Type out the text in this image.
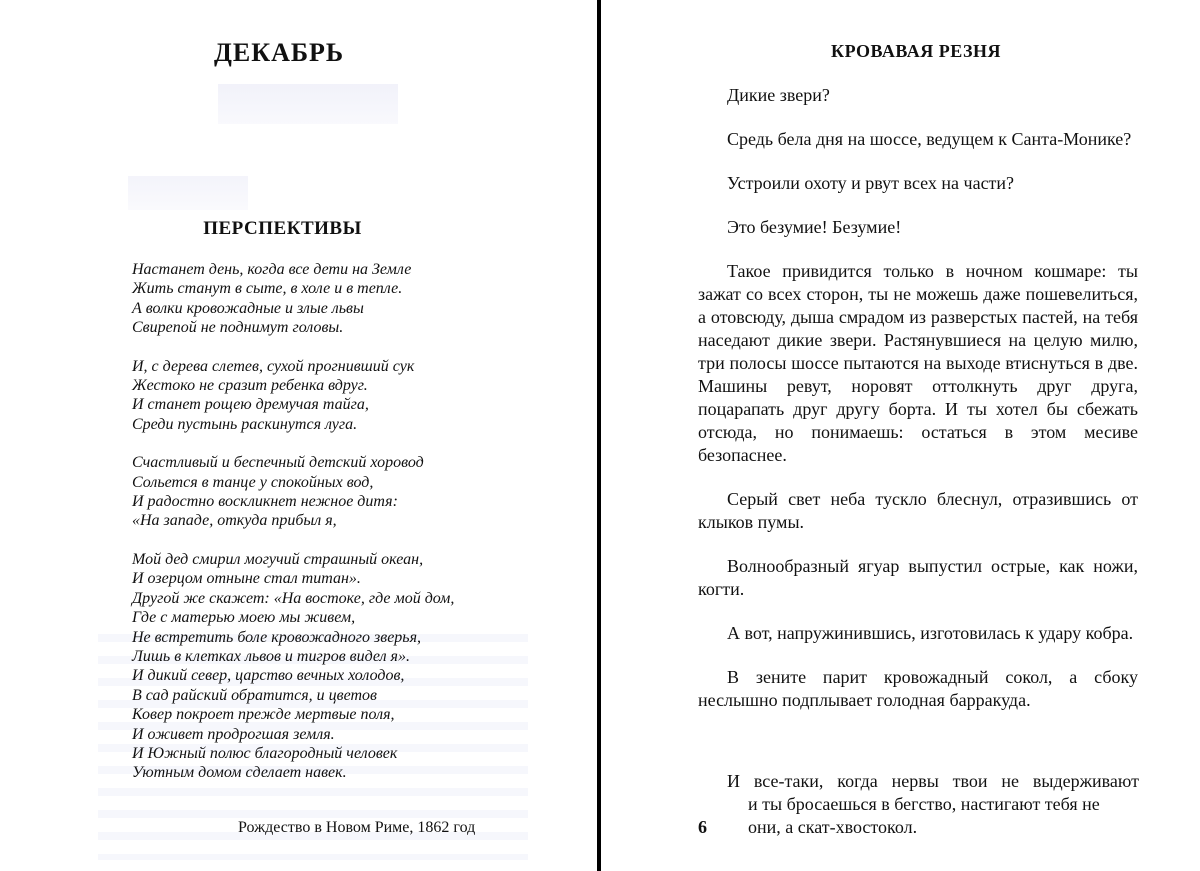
ДЕКАБРЬ
ПЕРСПЕКТИВЫ
Настанет день, когда все дети на Земле
Жить станут в сыте, в холе и в тепле.
А волки кровожадные и злые львы
Свирепой не поднимут головы.
И, с дерева слетев, сухой прогнивший сук
Жестоко не сразит ребенка вдруг.
И станет рощею дремучая тайга,
Среди пустынь раскинутся луга.
Счастливый и беспечный детский хоровод
Сольется в танце у спокойных вод,
И радостно воскликнет нежное дитя:
«На западе, откуда прибыл я,
Мой дед смирил могучий страшный океан,
И озерцом отныне стал титан».
Другой же скажет: «На востоке, где мой дом,
Где с матерью моею мы живем,
Не встретить боле кровожадного зверья,
Лишь в клетках львов и тигров видел я».
И дикий север, царство вечных холодов,
В сад райский обратится, и цветов
Ковер покроет прежде мертвые поля,
И оживет продрогшая земля.
И Южный полюс благородный человек
Уютным домом сделает навек.
Рождество в Новом Риме, 1862 год
КРОВАВАЯ РЕЗНЯ

Дикие звери?

Средь бела дня на шоссе, ведущем к Санта-Монике?

Устроили охоту и рвут всех на части?

Это безумие! Безумие!

Такое привидится только в ночном кошмаре: ты зажат со всех сторон, ты не можешь даже пошевелиться, а отовсюду, дыша смрадом из разверстых пастей, на тебя наседают дикие звери. Растянувшиеся на целую милю, три полосы шоссе пытаются на выходе втиснуться в две. Машины ревут, норовят оттолкнуть друг друга, поцарапать друг другу борта. И ты хотел бы сбежать отсюда, но понимаешь: остаться в этом месиве безопаснее.

Серый свет неба тускло блеснул, отразившись от клыков пумы.

Волнообразный ягуар выпустил острые, как ножи, когти.

А вот, напружинившись, изготовилась к удару кобра.

В зените парит кровожадный сокол, а сбоку неслышно подплывает голодная барракуда.

И все-таки, когда нервы твои не выдерживают
и ты бросаешься в бегство, настигают тебя не
они, а скат-хвостокол.
6
